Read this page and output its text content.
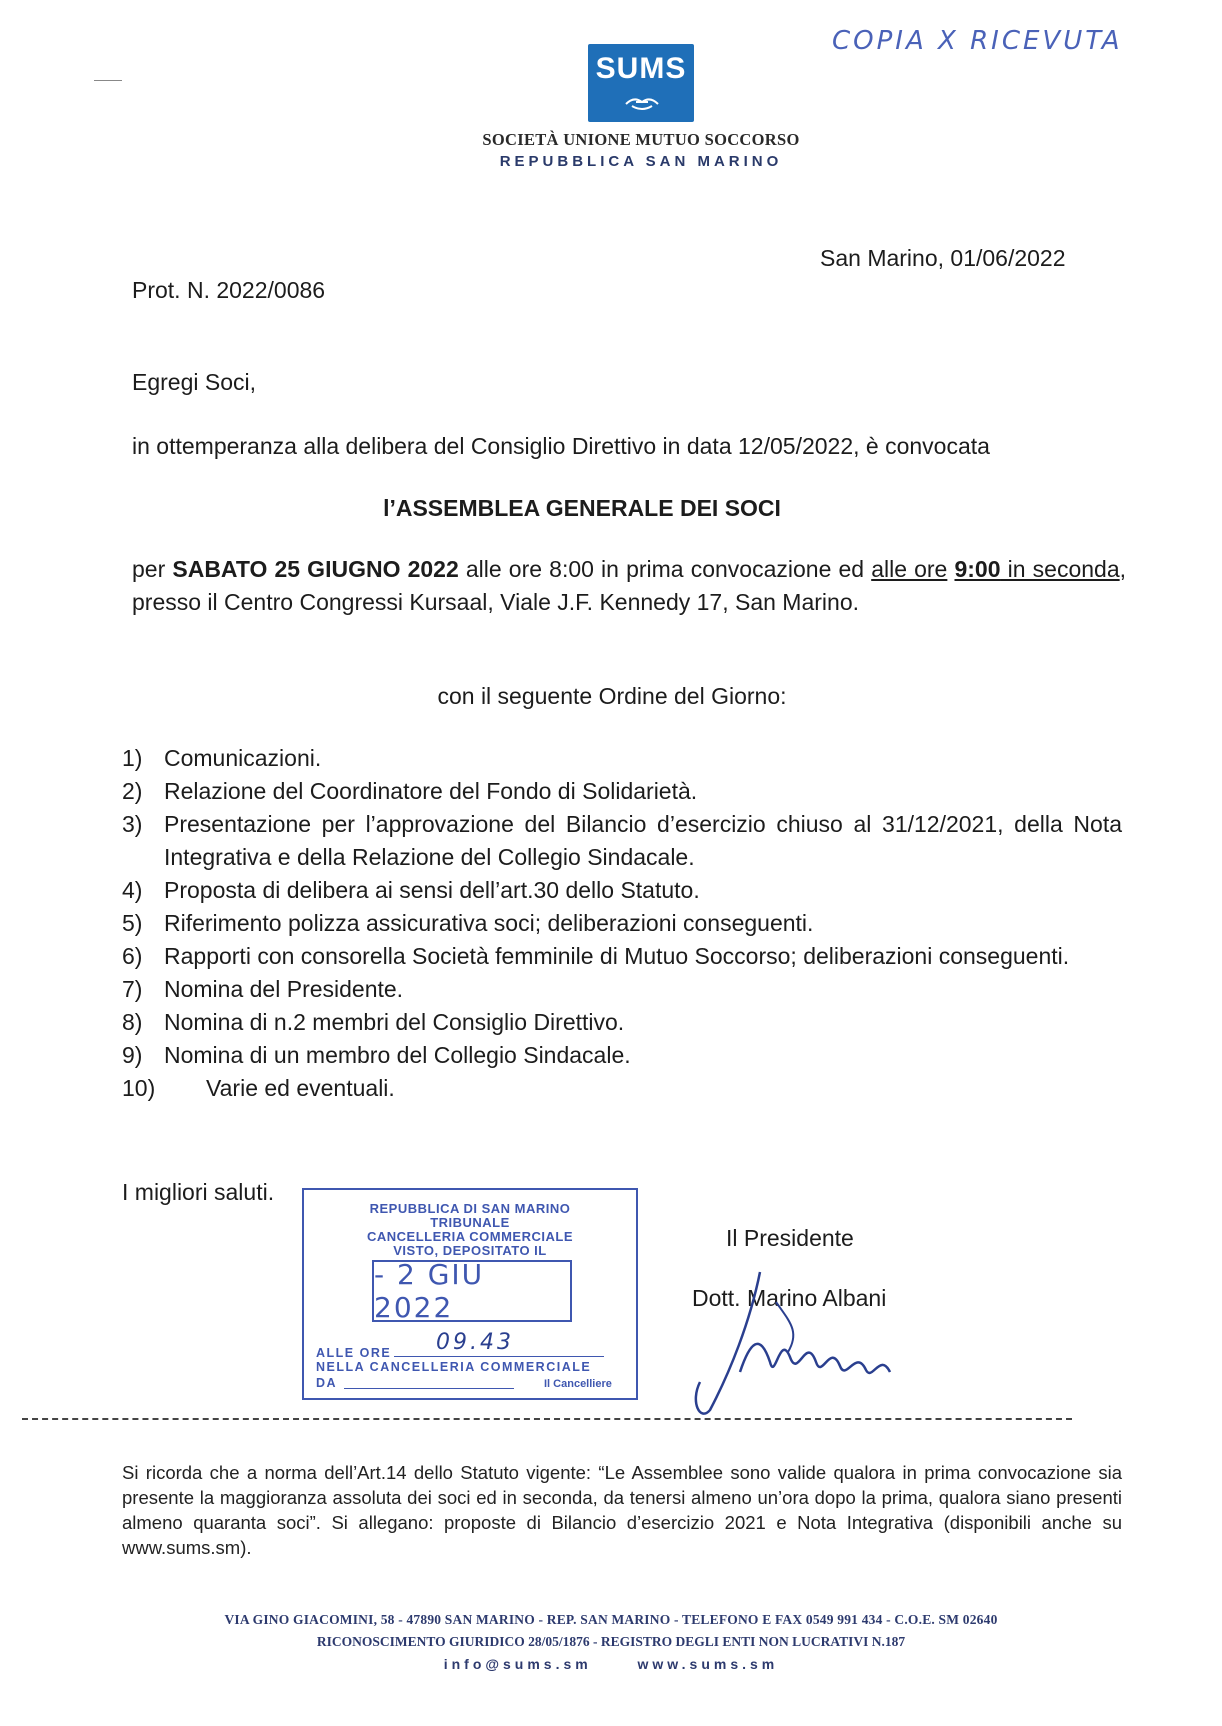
COPIA X RICEVUTA
SUMS
SOCIETÀ UNIONE MUTUO SOCCORSO
REPUBBLICA SAN MARINO
San Marino, 01/06/2022
Prot. N. 2022/0086
Egregi Soci,
in ottemperanza alla delibera del Consiglio Direttivo in data 12/05/2022, è convocata
l’ASSEMBLEA GENERALE DEI SOCI
per SABATO 25 GIUGNO 2022 alle ore 8:00 in prima convocazione ed alle ore 9:00 in seconda, presso il Centro Congressi Kursaal, Viale J.F. Kennedy 17, San Marino.
con il seguente Ordine del Giorno:
1) Comunicazioni.
2) Relazione del Coordinatore del Fondo di Solidarietà.
3) Presentazione per l’approvazione del Bilancio d’esercizio chiuso al 31/12/2021, della Nota Integrativa e della Relazione del Collegio Sindacale.
4) Proposta di delibera ai sensi dell’art.30 dello Statuto.
5) Riferimento polizza assicurativa soci; deliberazioni conseguenti.
6) Rapporti con consorella Società femminile di Mutuo Soccorso; deliberazioni conseguenti.
7) Nomina del Presidente.
8) Nomina di n.2 membri del Consiglio Direttivo.
9) Nomina di un membro del Collegio Sindacale.
10) Varie ed eventuali.
I migliori saluti.
Il Presidente
Dott. Marino Albani
REPUBBLICA DI SAN MARINO
TRIBUNALE
CANCELLERIA COMMERCIALE
VISTO, DEPOSITATO IL
- 2 GIU 2022
ALLE ORE 09.43
NELLA CANCELLERIA COMMERCIALE
DA	Il Cancelliere
Si ricorda che a norma dell’Art.14 dello Statuto vigente: “Le Assemblee sono valide qualora in prima convocazione sia presente la maggioranza assoluta dei soci ed in seconda, da tenersi almeno un’ora dopo la prima, qualora siano presenti almeno quaranta soci”. Si allegano: proposte di Bilancio d’esercizio 2021 e Nota Integrativa (disponibili anche su www.sums.sm).
VIA GINO GIACOMINI, 58 - 47890 SAN MARINO - REP. SAN MARINO - TELEFONO E FAX 0549 991 434 - C.O.E. SM 02640
RICONOSCIMENTO GIURIDICO 28/05/1876 - REGISTRO DEGLI ENTI NON LUCRATIVI N.187
info@sums.sm	www.sums.sm
